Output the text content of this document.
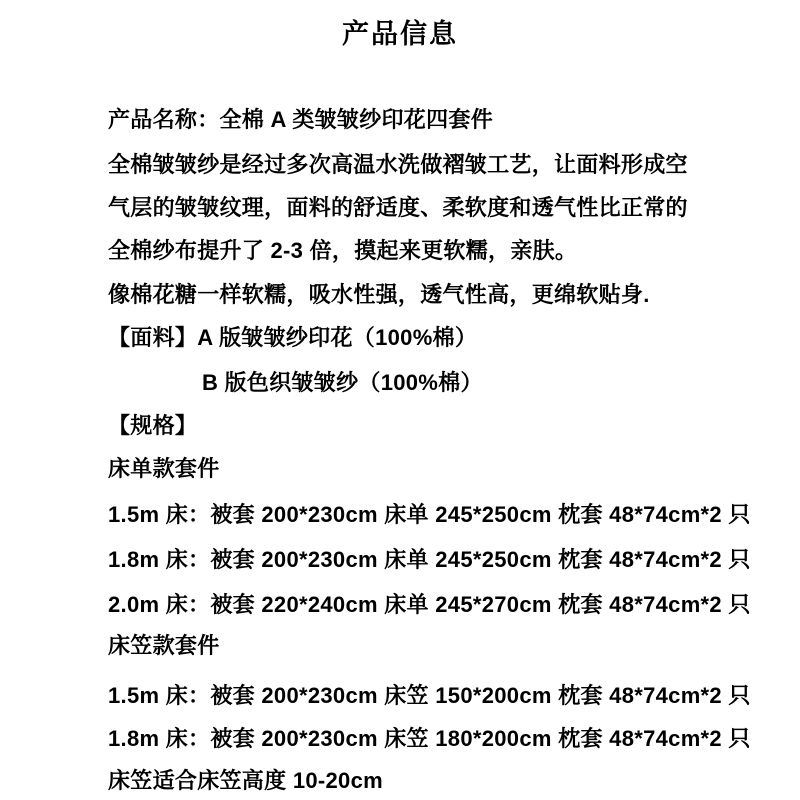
产品信息
产品名称：全棉 A 类皱皱纱印花四套件
全棉皱皱纱是经过多次高温水洗做褶皱工艺，让面料形成空
气层的皱皱纹理，面料的舒适度、柔软度和透气性比正常的
全棉纱布提升了 2-3 倍，摸起来更软糯，亲肤。
像棉花糖一样软糯，吸水性强，透气性高，更绵软贴身.
【面料】A 版皱皱纱印花（100%棉）
B 版色织皱皱纱（100%棉）
【规格】
床单款套件
1.5m 床：被套 200*230cm 床单 245*250cm 枕套 48*74cm*2 只
1.8m 床：被套 200*230cm 床单 245*250cm 枕套 48*74cm*2 只
2.0m 床：被套 220*240cm 床单 245*270cm 枕套 48*74cm*2 只
床笠款套件
1.5m 床：被套 200*230cm 床笠 150*200cm 枕套 48*74cm*2 只
1.8m 床：被套 200*230cm 床笠 180*200cm 枕套 48*74cm*2 只
床笠适合床笠高度 10-20cm
